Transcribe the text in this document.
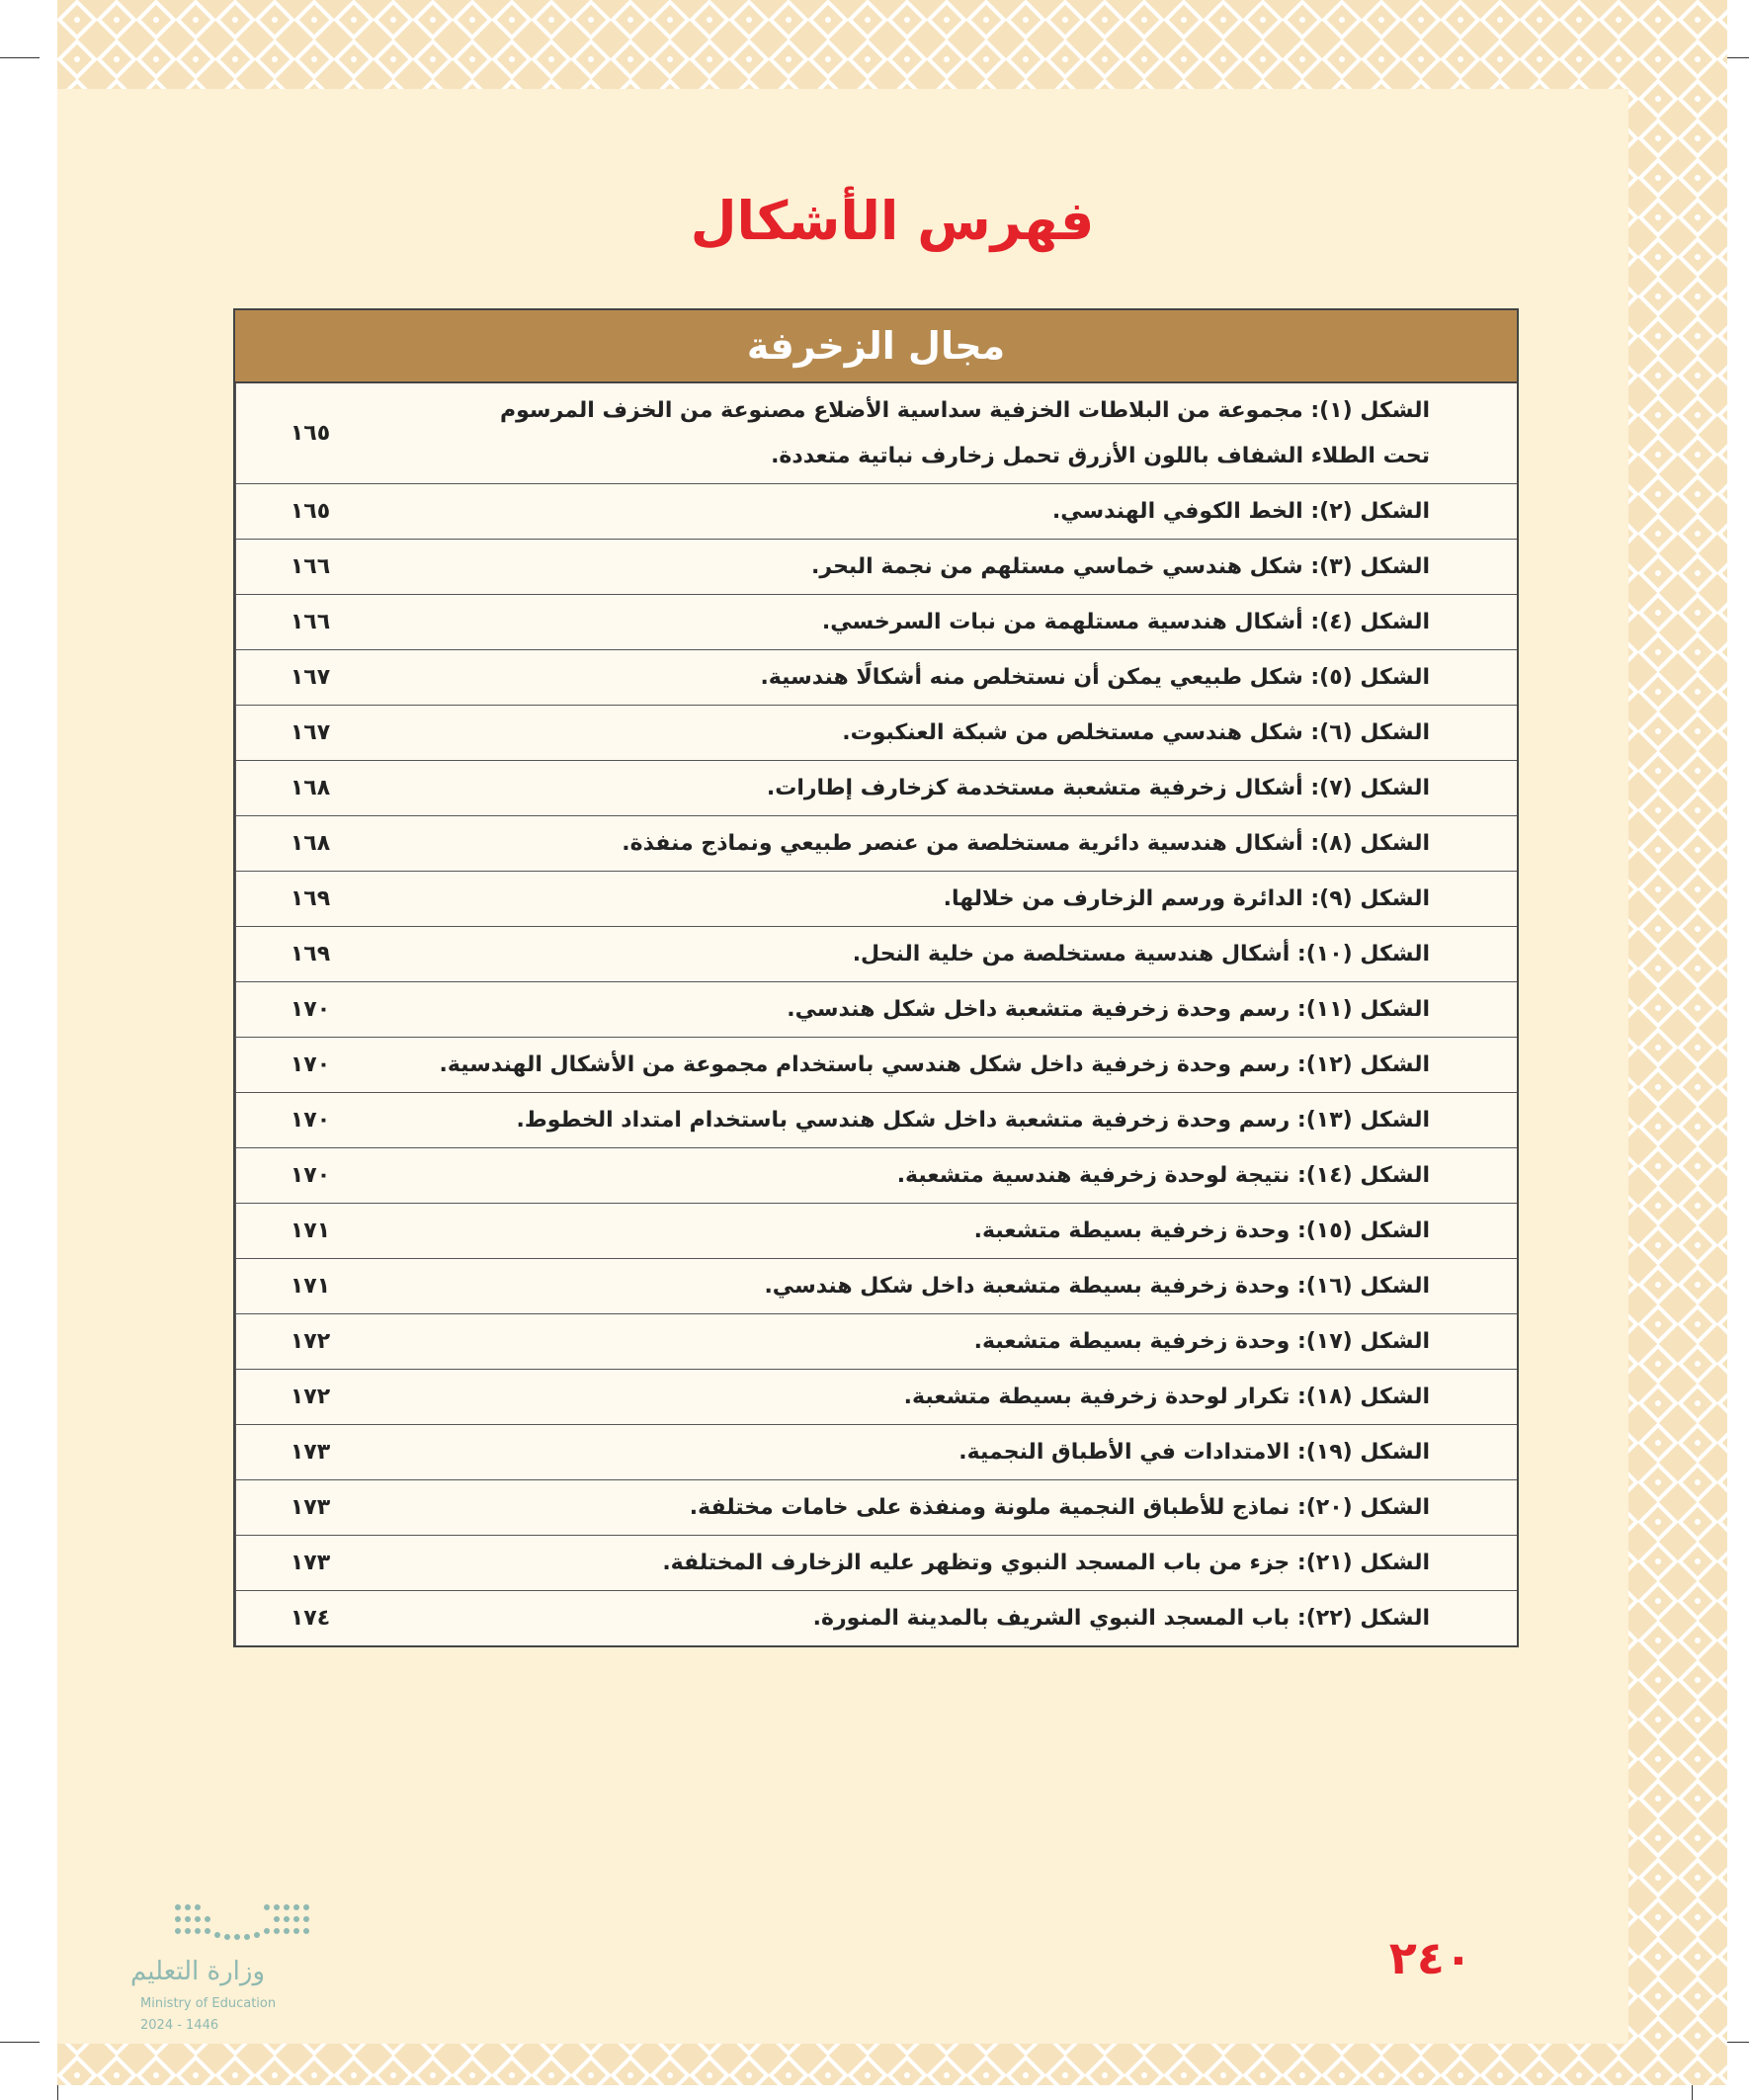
فهرس الأشكال
مجال الزخرفة
١٦٥	الشكل (١): مجموعة من البلاطات الخزفية سداسية الأضلاع مصنوعة من الخزف المرسوم
تحت الطلاء الشفاف باللون الأزرق تحمل زخارف نباتية متعددة.

١٦٥	الشكل (٢): الخط الكوفي الهندسي.

١٦٦	الشكل (٣): شكل هندسي خماسي مستلهم من نجمة البحر.

١٦٦	الشكل (٤): أشكال هندسية مستلهمة من نبات السرخسي.

١٦٧	الشكل (٥): شكل طبيعي يمكن أن نستخلص منه أشكالًا هندسية.

١٦٧	الشكل (٦): شكل هندسي مستخلص من شبكة العنكبوت.

١٦٨	الشكل (٧): أشكال زخرفية متشعبة مستخدمة كزخارف إطارات.

١٦٨	الشكل (٨): أشكال هندسية دائرية مستخلصة من عنصر طبيعي ونماذج منفذة.

١٦٩	الشكل (٩): الدائرة ورسم الزخارف من خلالها.

١٦٩	الشكل (١٠): أشكال هندسية مستخلصة من خلية النحل.

١٧٠	الشكل (١١): رسم وحدة زخرفية متشعبة داخل شكل هندسي.

١٧٠	الشكل (١٢): رسم وحدة زخرفية داخل شكل هندسي باستخدام مجموعة من الأشكال الهندسية.

١٧٠	الشكل (١٣): رسم وحدة زخرفية متشعبة داخل شكل هندسي باستخدام امتداد الخطوط.

١٧٠	الشكل (١٤): نتيجة لوحدة زخرفية هندسية متشعبة.

١٧١	الشكل (١٥): وحدة زخرفية بسيطة متشعبة.

١٧١	الشكل (١٦): وحدة زخرفية بسيطة متشعبة داخل شكل هندسي.

١٧٢	الشكل (١٧): وحدة زخرفية بسيطة متشعبة.

١٧٢	الشكل (١٨): تكرار لوحدة زخرفية بسيطة متشعبة.

١٧٣	الشكل (١٩): الامتدادات في الأطباق النجمية.

١٧٣	الشكل (٢٠): نماذج للأطباق النجمية ملونة ومنفذة على خامات مختلفة.

١٧٣	الشكل (٢١): جزء من باب المسجد النبوي وتظهر عليه الزخارف المختلفة.

١٧٤	الشكل (٢٢): باب المسجد النبوي الشريف بالمدينة المنورة.
٢٤٠
وزارة التعليم
Ministry of Education
2024 - 1446
